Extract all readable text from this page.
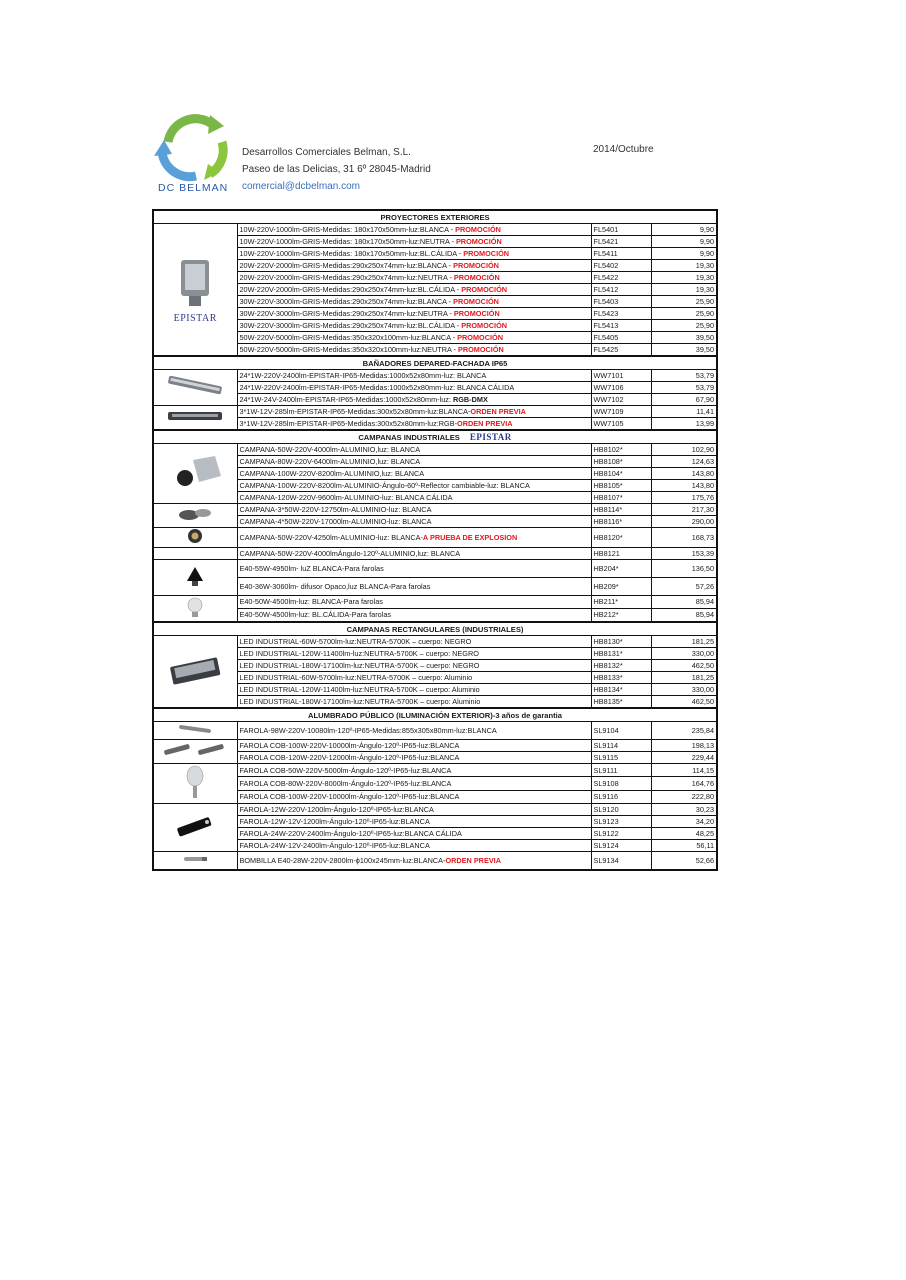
DC BELMAN
Desarrollos Comerciales Belman, S.L.
Paseo de las Delicias, 31 6º 28045-Madrid
comercial@dcbelman.com
2014/Octubre
PROYECTORES EXTERIORES			

EPISTAR	10W-220V-1000lm-GRIS-Medidas: 180x170x50mm-luz:BLANCA - PROMOCIÓN	FL5401	9,90
	10W-220V-1000lm-GRIS-Medidas: 180x170x50mm-luz:NEUTRA - PROMOCIÓN	FL5421	9,90
	10W-220V-1000lm-GRIS-Medidas: 180x170x50mm-luz:BL.CÁLIDA - PROMOCIÓN	FL5411	9,90
	20W-220V-2000lm-GRIS-Medidas:290x250x74mm-luz:BLANCA - PROMOCIÓN	FL5402	19,30
	20W-220V-2000lm-GRIS-Medidas:290x250x74mm-luz:NEUTRA - PROMOCIÓN	FL5422	19,30
	20W-220V-2000lm-GRIS-Medidas:290x250x74mm-luz:BL.CÁLIDA - PROMOCIÓN	FL5412	19,30
	30W-220V-3000lm-GRIS-Medidas:290x250x74mm-luz:BLANCA - PROMOCIÓN	FL5403	25,90
	30W-220V-3000lm-GRIS-Medidas:290x250x74mm-luz:NEUTRA - PROMOCIÓN	FL5423	25,90
	30W-220V-3000lm-GRIS-Medidas:290x250x74mm-luz:BL.CÁLIDA - PROMOCIÓN	FL5413	25,90
	50W-220V-5000lm-GRIS-Medidas:350x320x100mm-luz:BLANCA - PROMOCIÓN	FL5405	39,50
	50W-220V-5000lm-GRIS-Medidas:350x320x100mm-luz:NEUTRA - PROMOCIÓN	FL5425	39,50
BAÑADORES DEPARED-FACHADA IP65			
	24*1W-220V-2400lm-EPISTAR-IP65-Medidas:1000x52x80mm-luz: BLANCA	WW7101	53,79
	24*1W-220V-2400lm-EPISTAR-IP65-Medidas:1000x52x80mm-luz: BLANCA CÁLIDA	WW7106	53,79
	24*1W-24V-2400lm-EPISTAR-IP65-Medidas:1000x52x80mm-luz: RGB-DMX	WW7102	67,90
	3*1W-12V-285lm-EPISTAR-IP65-Medidas:300x52x80mm-luz:BLANCA-ORDEN PREVIA	WW7109	11,41
	3*1W-12V-285lm-EPISTAR-IP65-Medidas:300x52x80mm-luz:RGB-ORDEN PREVIA	WW7105	13,99
CAMPANAS INDUSTRIALES EPISTAR			
	CAMPANA-50W-220V-4000lm-ALUMINIO,luz: BLANCA	HB8102*	102,90
	CAMPANA-80W-220V-6400lm-ALUMINIO,luz: BLANCA	HB8108*	124,63
	CAMPANA-100W-220V-8200lm-ALUMINIO,luz: BLANCA	HB8104*	143,80
	CAMPANA-100W-220V-8200lm-ALUMINIO-Ángulo-60º-Reflector cambiable-luz: BLANCA	HB8105*	143,80
	CAMPANA-120W-220V-9600lm-ALUMINIO-luz: BLANCA CÁLIDA	HB8107*	175,76
	CAMPANA-3*50W-220V-12750lm-ALUMINIO-luz: BLANCA	HB8114*	217,30
	CAMPANA-4*50W-220V-17000lm-ALUMINIO-luz: BLANCA	HB8116*	290,00
	CAMPANA-50W-220V-4250lm-ALUMINIO-luz: BLANCA-A PRUEBA DE EXPLOSION	HB8120*	168,73
	CAMPANA-50W-220V-4000lmÁngulo-120º-ALUMINIO,luz: BLANCA	HB8121	153,39
	E40-55W-4950lm- luZ BLANCA-Para farolas	HB204*	136,50
	E40-36W-3060lm- difusor Opaco,luz BLANCA-Para farolas	HB209*	57,26
	E40-50W-4500lm-luz: BLANCA-Para farolas	HB211*	85,94
	E40-50W-4500lm-luz: BL.CÁLIDA-Para farolas	HB212*	85,94
CAMPANAS RECTANGULARES (INDUSTRIALES)			
	LED INDUSTRIAL-60W-5700lm-luz:NEUTRA-5700K – cuerpo: NEGRO	HB8130*	181,25
	LED INDUSTRIAL-120W-11400lm-luz:NEUTRA-5700K – cuerpo: NEGRO	HB8131*	330,00
	LED INDUSTRIAL-180W-17100lm-luz:NEUTRA-5700K – cuerpo: NEGRO	HB8132*	462,50
	LED INDUSTRIAL-60W-5700lm-luz:NEUTRA-5700K – cuerpo: Aluminio	HB8133*	181,25
	LED INDUSTRIAL-120W-11400lm-luz:NEUTRA-5700K – cuerpo: Aluminio	HB8134*	330,00
	LED INDUSTRIAL-180W-17100lm-luz:NEUTRA-5700K – cuerpo: Aluminio	HB8135*	462,50
ALUMBRADO PÚBLICO (ILUMINACIÓN EXTERIOR)-3 años de garantia			
	FAROLA-98W-220V-10080lm-120º-IP65-Medidas:855x305x80mm-luz:BLANCA	SL9104	235,84
	FAROLA COB-100W-220V-10000lm-Ángulo-120º-IP65-luz:BLANCA	SL9114	198,13
	FAROLA COB-120W-220V-12000lm-Ángulo-120º-IP65-luz:BLANCA	SL9115	229,44
	FAROLA COB-50W-220V-5000lm-Ángulo-120º-IP65-luz:BLANCA	SL9111	114,15
	FAROLA COB-80W-220V-8000lm-Ángulo-120º-IP65-luz:BLANCA	SL9108	164,76
	FAROLA COB-100W-220V-10000lm-Ángulo-120º-IP65-luz:BLANCA	SL9116	222,80
	FAROLA-12W-220V-1200lm-Ángulo-120º-IP65-luz:BLANCA	SL9120	30,23
	FAROLA-12W-12V-1200lm-Ángulo-120º-IP65-luz:BLANCA	SL9123	34,20
	FAROLA-24W-220V-2400lm-Ángulo-120º-IP65-luz:BLANCA CÁLIDA	SL9122	48,25
	FAROLA-24W-12V-2400lm-Ángulo-120º-IP65-luz:BLANCA	SL9124	56,11
	BOMBILLA E40-28W-220V-2800lm-ϕ100x245mm-luz:BLANCA-ORDEN PREVIA	SL9134	52,66
